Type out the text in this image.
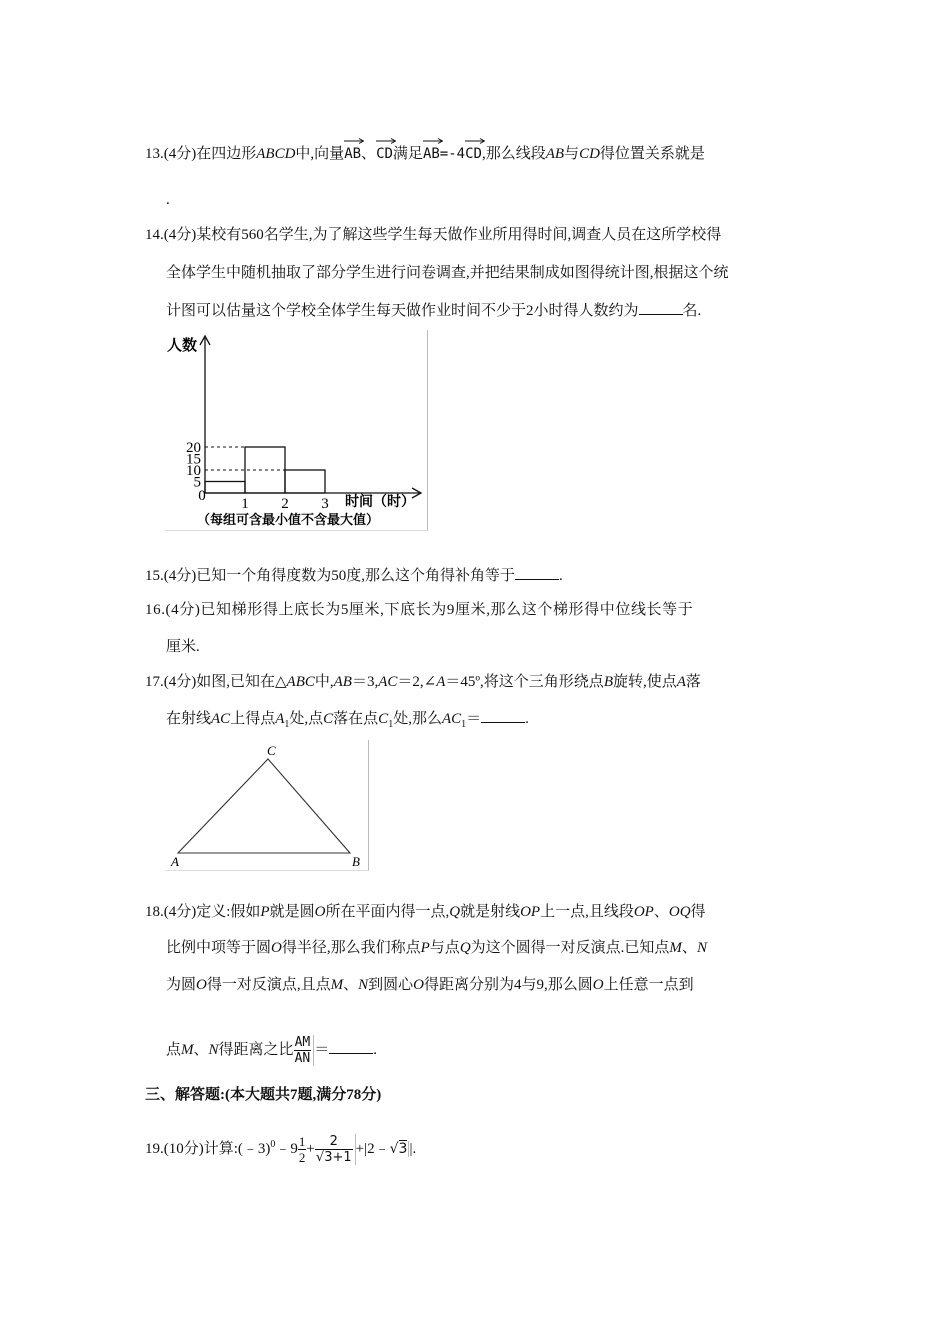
13.(4分)在四边形ABCD中,向量
AB、
CD满足
AB=-4
CD,那么线段AB与CD得位置关系就是
.
14.(4分)某校有560名学生,为了解这些学生每天做作业所用得时间,调查人员在这所学校得
全体学生中随机抽取了部分学生进行问卷调查,并把结果制成如图得统计图,根据这个统
计图可以估量这个学校全体学生每天做作业时间不少于2小时得人数约为	名.
人数
时间（时）
（每组可含最小值不含最大值）
5
10
15
20
0 1 2 3
15.(4分)已知一个角得度数为50度,那么这个角得补角等于	.
16.(4分)已知梯形得上底长为5厘米,下底长为9厘米,那么这个梯形得中位线长等于
厘米.
17.(4分)如图,已知在△ABC中,AB＝3,AC＝2,∠A＝45º,将这个三角形绕点B旋转,使点A落
在射线AC上得点$A_1$处,点C落在点$C_1$处,那么$AC_1=$	.
A	B
C
18.(4分)定义:假如P就是圆O所在平面内得一点,Q就是射线OP上一点,且线段OP、OQ得
比例中项等于圆O得半径,那么我们称点P与点Q为这个圆得一对反演点.已知点M、N
为圆O得一对反演点,且点M、N到圆心O得距离分别为4与9,那么圆O上任意一点到
点M、N得距离之比 $\frac{AM}{AN}$ ＝	.
三、解答题:(本大题共7题,满分78分)
19.(10分)计算:(﹣3)$^0$﹣9 $\frac{1}{2} + \frac{2}{√3+1}$ +|2﹣√3 |.
